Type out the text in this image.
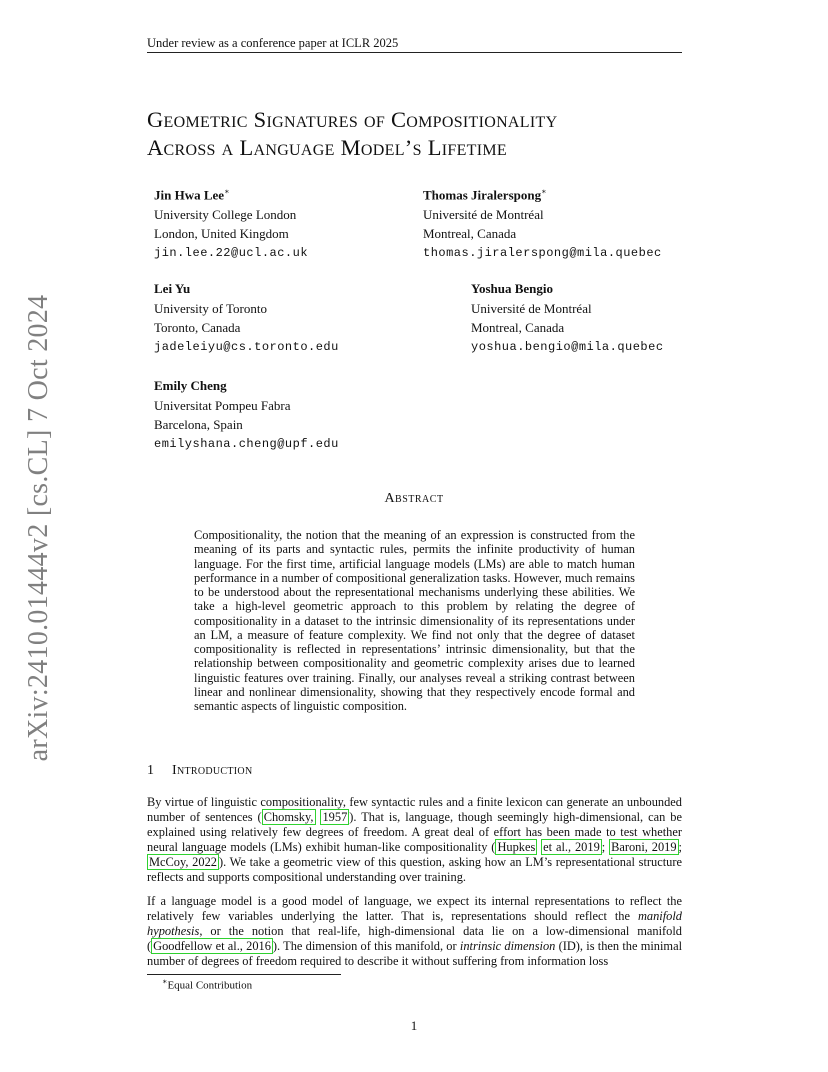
Under review as a conference paper at ICLR 2025
arXiv:2410.01444v2 [cs.CL] 7 Oct 2024
Geometric Signatures of Compositionality
Across a Language Model’s Lifetime
Jin Hwa Lee∗
University College London
London, United Kingdom
jin.lee.22@ucl.ac.uk
Thomas Jiralerspong∗
Université de Montréal
Montreal, Canada
thomas.jiralerspong@mila.quebec
Lei Yu
University of Toronto
Toronto, Canada
jadeleiyu@cs.toronto.edu
Yoshua Bengio
Université de Montréal
Montreal, Canada
yoshua.bengio@mila.quebec
Emily Cheng
Universitat Pompeu Fabra
Barcelona, Spain
emilyshana.cheng@upf.edu
Abstract
Compositionality, the notion that the meaning of an expression is constructed from the meaning of its parts and syntactic rules, permits the infinite productivity of human language. For the first time, artificial language models (LMs) are able to match human performance in a number of compositional generalization tasks. However, much remains to be understood about the representational mechanisms underlying these abilities. We take a high-level geometric approach to this problem by relating the degree of compositionality in a dataset to the intrinsic dimensionality of its representations under an LM, a measure of feature complexity. We find not only that the degree of dataset compositionality is reflected in representations’ intrinsic dimensionality, but that the relationship between compositionality and geometric complexity arises due to learned linguistic features over training. Finally, our analyses reveal a striking contrast between linear and nonlinear dimensionality, showing that they respectively encode formal and semantic aspects of linguistic composition.
1 Introduction
By virtue of linguistic compositionality, few syntactic rules and a finite lexicon can generate an unbounded number of sentences ( Chomsky, 1957 ). That is, language, though seemingly high-dimensional, can be explained using relatively few degrees of freedom. A great deal of effort has been made to test whether neural language models (LMs) exhibit human-like compositionality ( Hupkes et al., 2019 ; Baroni, 2019 ; McCoy, 2022 ). We take a geometric view of this question, asking how an LM’s representational structure reflects and supports compositional understanding over training.
If a language model is a good model of language, we expect its internal representations to reflect the relatively few variables underlying the latter. That is, representations should reflect the manifold hypothesis, or the notion that real-life, high-dimensional data lie on a low-dimensional manifold ( Goodfellow et al., 2016 ). The dimension of this manifold, or intrinsic dimension (ID), is then the minimal number of degrees of freedom required to describe it without suffering from information loss
∗Equal Contribution
1
